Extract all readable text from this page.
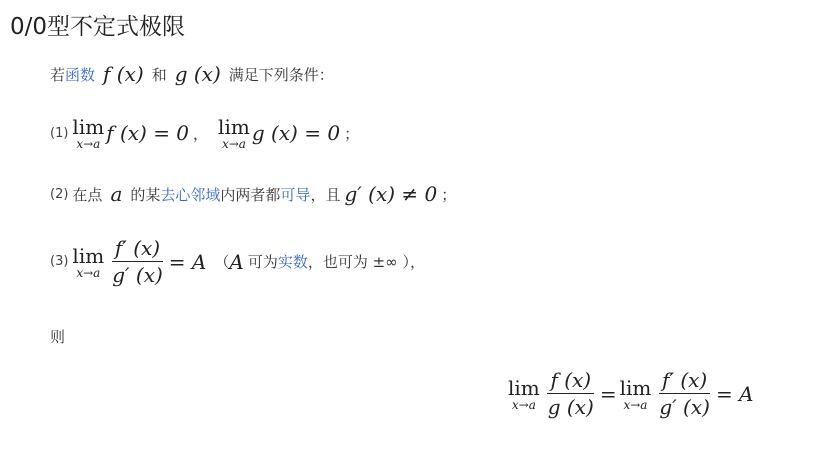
0/0型不定式极限
若 函数 f (x) 和 g (x) 满足下列条件：
(1) lim
x→a f (x) = 0 ， lim
x→a g (x) = 0 ；
(2) 在点 a 的某 去心邻域 内两者都 可导 ，且 g′ (x) ≠ 0 ；
(3) lim
$x\to a \frac{f' (x)}{g' (x)} = A$ （ A 可为 实数 ，也可为 ±∞ ），
则
lim
$x\to a \frac{f (x)}{g (x)} = \lim$
$x\to a \frac{f' (x)}{g' (x)} = A$
